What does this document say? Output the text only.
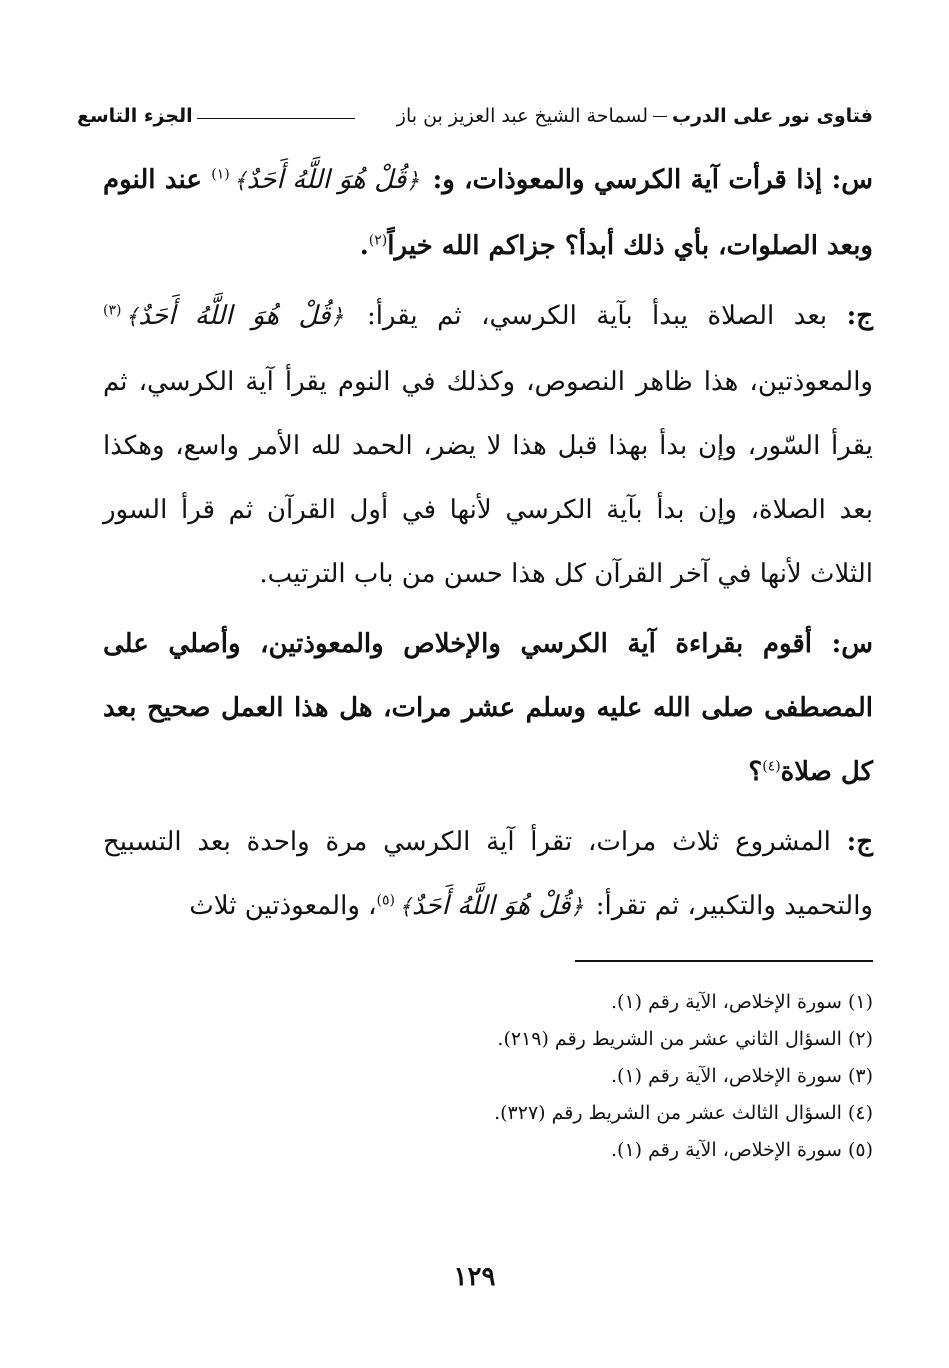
فتاوى نور على الدربلسماحة الشيخ عبد العزيز بن باز
الجزء التاسع

س: إذا قرأت آية الكرسي والمعوذات، و: ﴿قُلْ هُوَ اللَّهُ أَحَدٌ﴾$^{(١)}$ عند النوم وبعد الصلوات، بأي ذلك أبدأ؟ جزاكم الله خيراً$^{(٢)}$.

ج: بعد الصلاة يبدأ بآية الكرسي، ثم يقرأ: ﴿قُلْ هُوَ اللَّهُ أَحَدٌ﴾$^{(٣)}$ والمعوذتين، هذا ظاهر النصوص، وكذلك في النوم يقرأ آية الكرسي، ثم يقرأ السّور، وإن بدأ بهذا قبل هذا لا يضر، الحمد لله الأمر واسع، وهكذا بعد الصلاة، وإن بدأ بآية الكرسي لأنها في أول القرآن ثم قرأ السور الثلاث لأنها في آخر القرآن كل هذا حسن من باب الترتيب.

س: أقوم بقراءة آية الكرسي والإخلاص والمعوذتين، وأصلي على المصطفى صلى الله عليه وسلم عشر مرات، هل هذا العمل صحيح بعد كل صلاة$^{(٤)}$؟

ج: المشروع ثلاث مرات، تقرأ آية الكرسي مرة واحدة بعد التسبيح والتحميد والتكبير، ثم تقرأ: ﴿قُلْ هُوَ اللَّهُ أَحَدٌ﴾$^{(٥)}$، والمعوذتين ثلاث

(١) سورة الإخلاص، الآية رقم (١).

(٢) السؤال الثاني عشر من الشريط رقم (٢١٩).

(٣) سورة الإخلاص، الآية رقم (١).

(٤) السؤال الثالث عشر من الشريط رقم (٣٢٧).

(٥) سورة الإخلاص، الآية رقم (١).

١٢٩
